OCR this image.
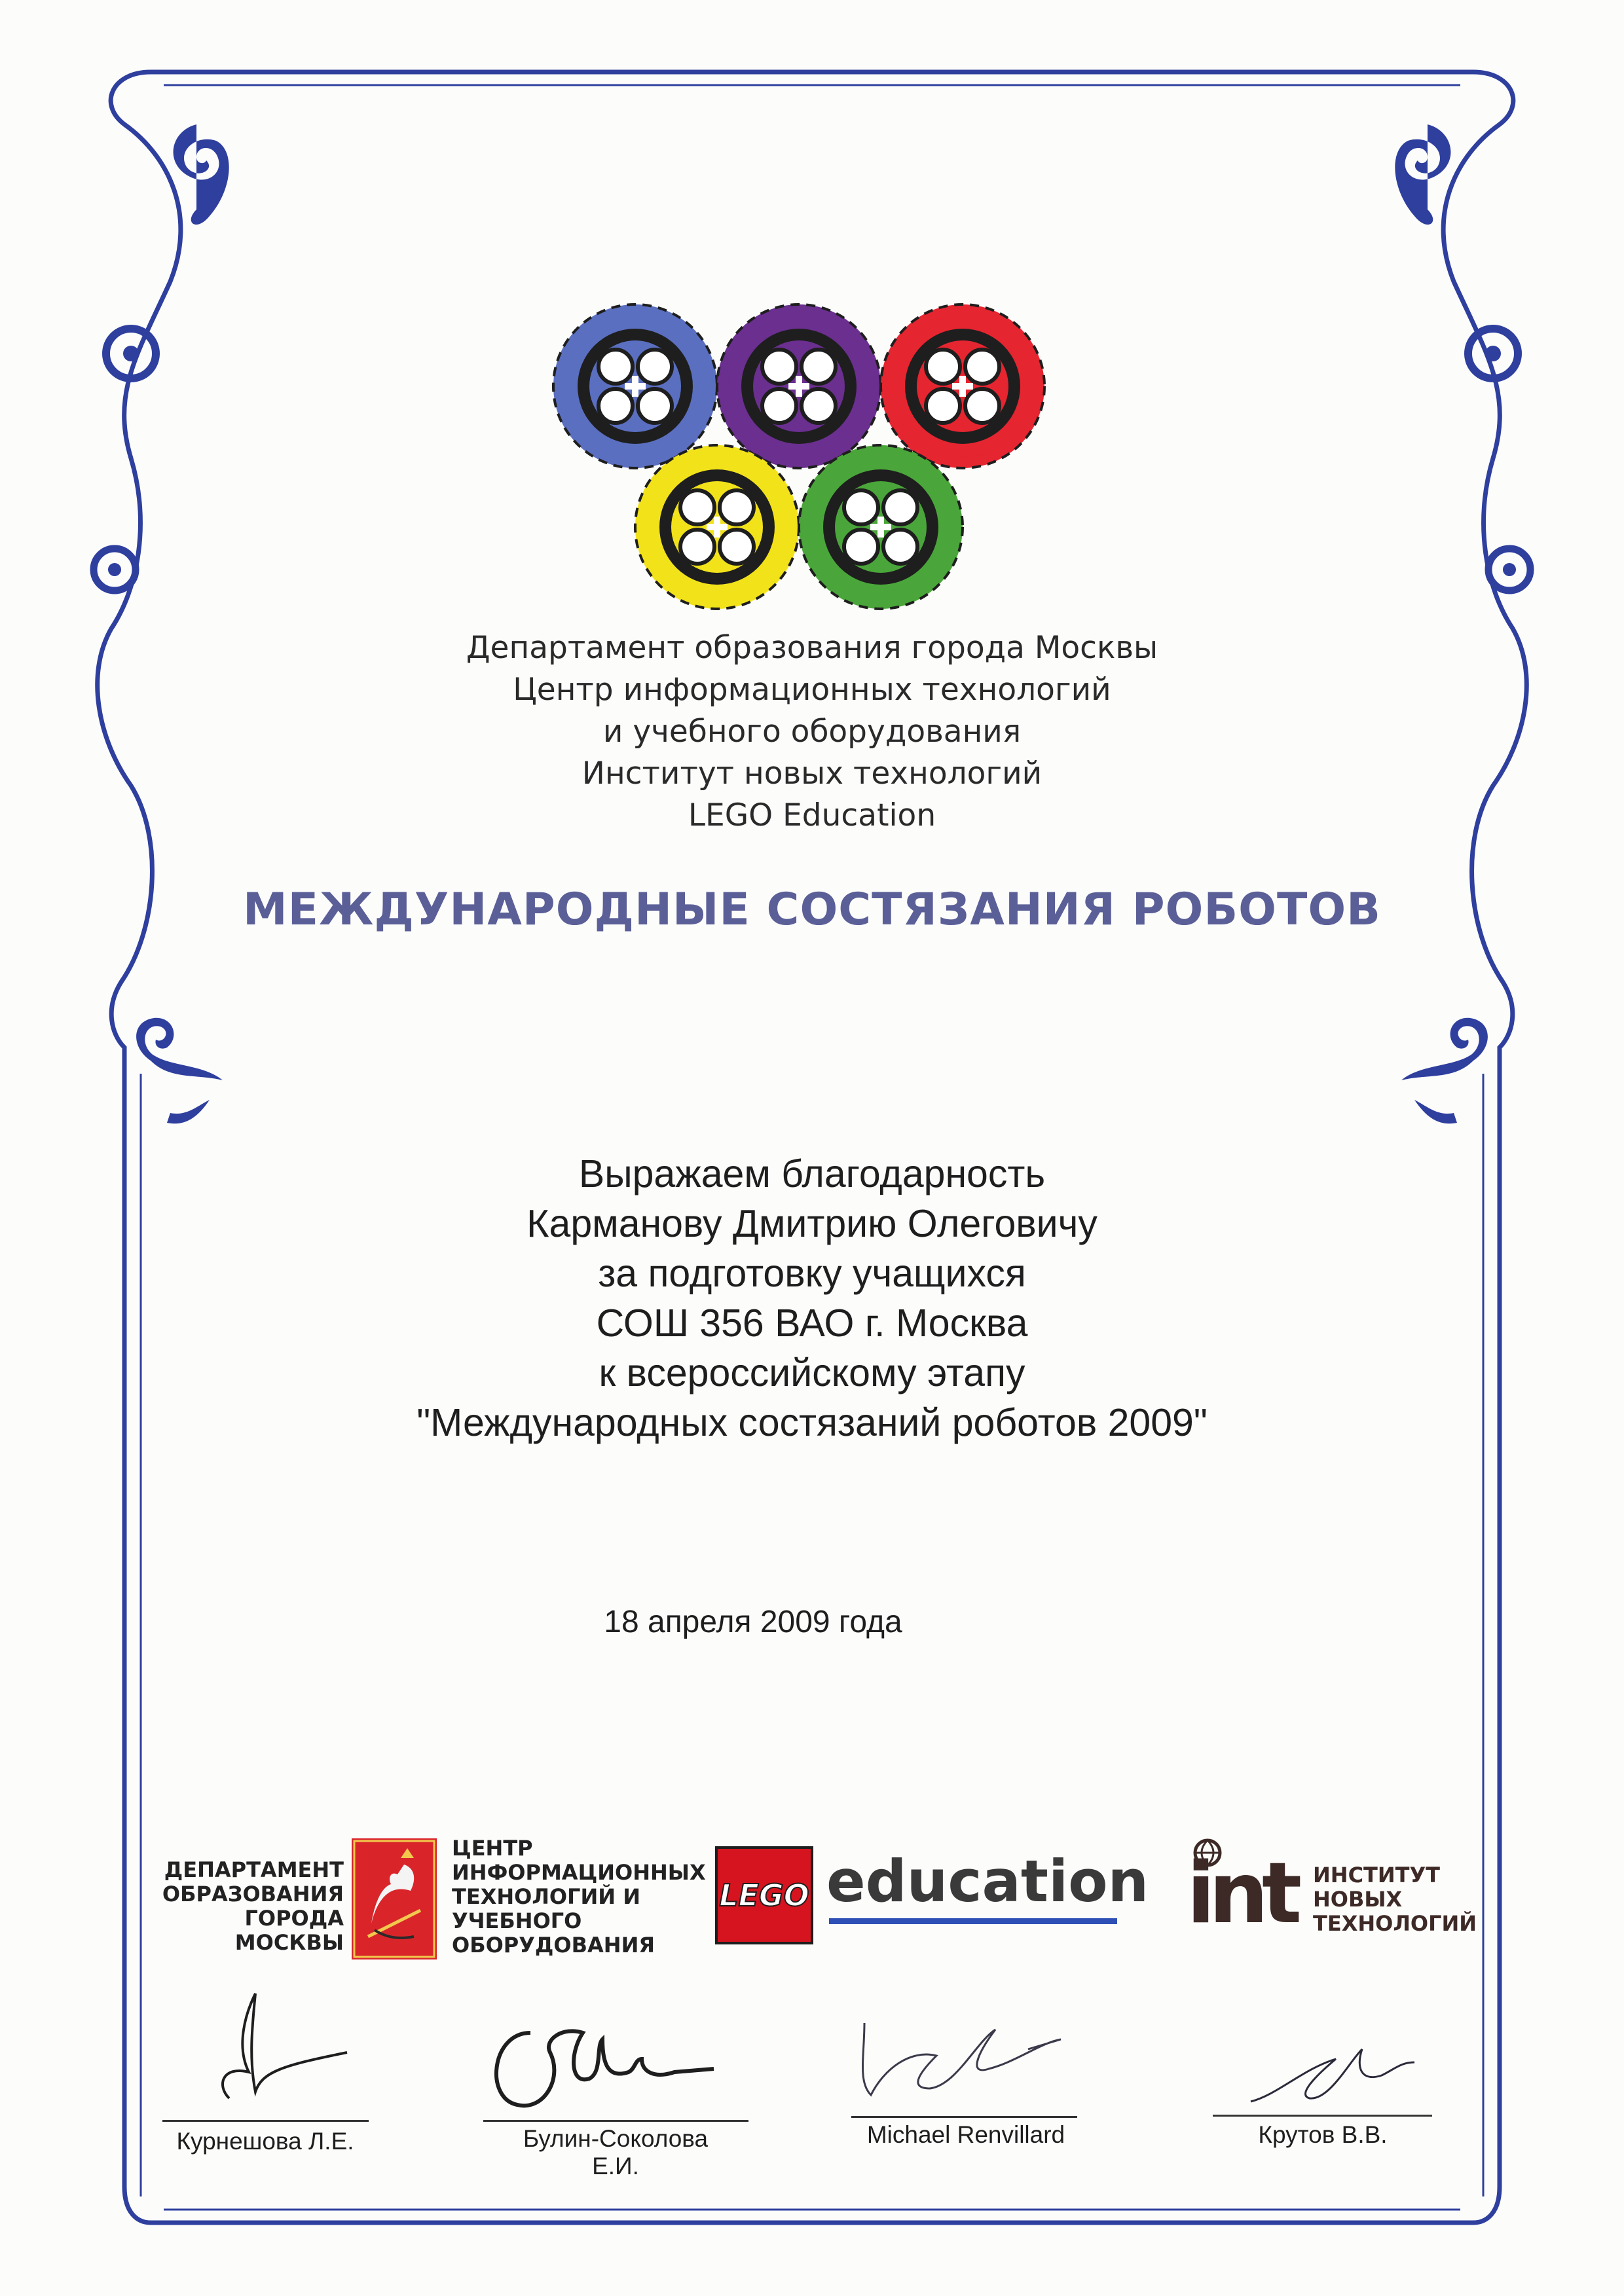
Департамент образования города Москвы
Центр информационных технологий
и учебного оборудования
Институт новых технологий
LEGO Education
МЕЖДУНАРОДНЫЕ СОСТЯЗАНИЯ РОБОТОВ
Выражаем благодарность
Карманову Дмитрию Олеговичу
за подготовку учащихся
СОШ 356 ВАО г. Москва
к всероссийскому этапу
"Международных состязаний роботов 2009"
18 апреля 2009 года
ДЕПАРТАМЕНТ
ОБРАЗОВАНИЯ
ГОРОДА МОСКВЫ
ЦЕНТР
ИНФОРМАЦИОННЫХ
ТЕХНОЛОГИЙ И
УЧЕБНОГО
ОБОРУДОВАНИЯ
LEGO education int ИНСТИТУТ
НОВЫХ
ТЕХНОЛОГИЙ
Курнешова Л.Е.	Булин-Соколова Е.И.
Michael Renvillard	Крутов В.В.
